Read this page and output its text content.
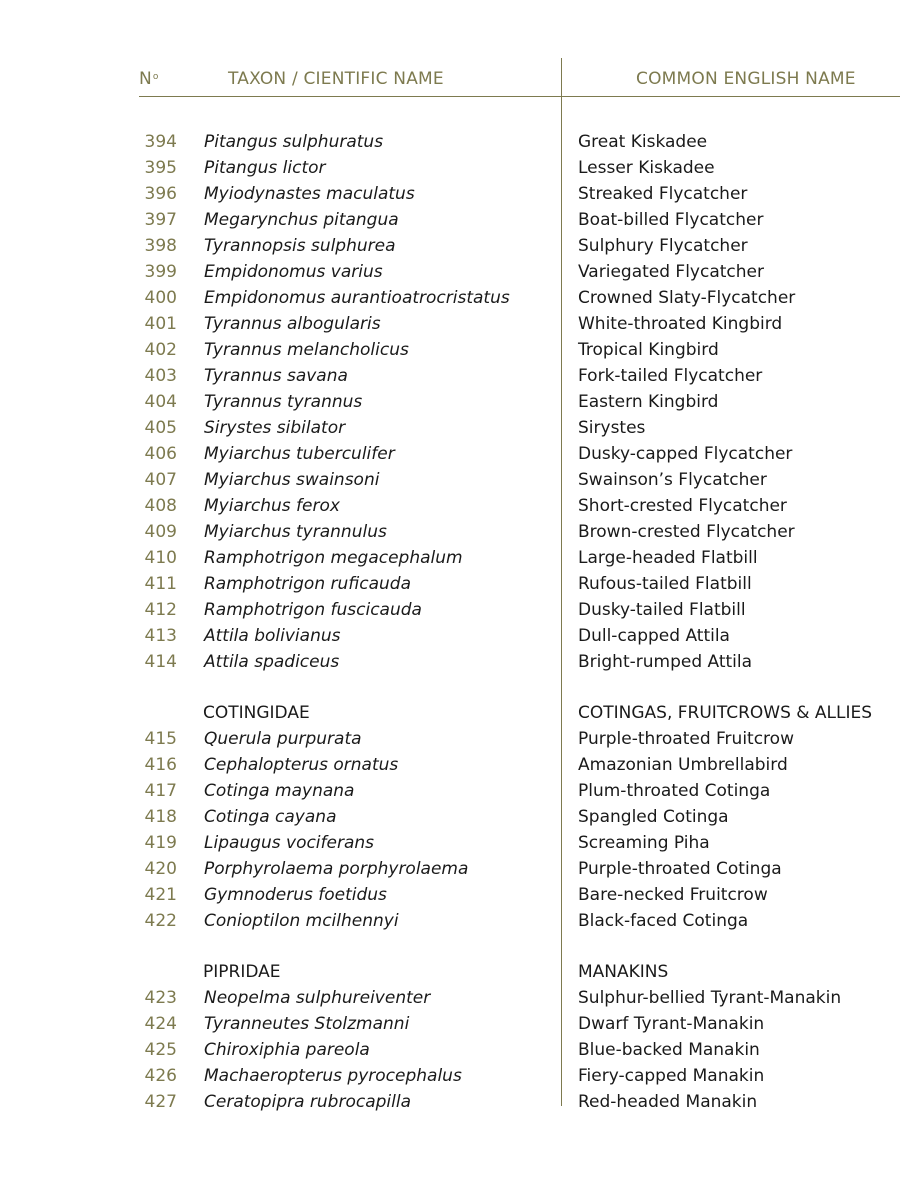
$N^o$	TAXON / CIENTIFIC NAME	COMMON ENGLISH NAME
394 Pitangus sulphuratus	Great Kiskadee
395 Pitangus lictor	Lesser Kiskadee
396 Myiodynastes maculatus	Streaked Flycatcher
397 Megarynchus pitangua	Boat-billed Flycatcher
398 Tyrannopsis sulphurea	Sulphury Flycatcher
399 Empidonomus varius	Variegated Flycatcher
400 Empidonomus aurantioatrocristatus	Crowned Slaty-Flycatcher
401 Tyrannus albogularis	White-throated Kingbird
402 Tyrannus melancholicus	Tropical Kingbird
403 Tyrannus savana	Fork-tailed Flycatcher
404 Tyrannus tyrannus	Eastern Kingbird
405 Sirystes sibilator	Sirystes
406 Myiarchus tuberculifer	Dusky-capped Flycatcher
407 Myiarchus swainsoni	Swainson’s Flycatcher
408 Myiarchus ferox	Short-crested Flycatcher
409 Myiarchus tyrannulus	Brown-crested Flycatcher
410 Ramphotrigon megacephalum	Large-headed Flatbill
411 Ramphotrigon ruficauda	Rufous-tailed Flatbill
412 Ramphotrigon fuscicauda	Dusky-tailed Flatbill
413 Attila bolivianus	Dull-capped Attila
414 Attila spadiceus	Bright-rumped Attila
COTINGIDAE	COTINGAS, FRUITCROWS & ALLIES
415 Querula purpurata	Purple-throated Fruitcrow
416 Cephalopterus ornatus	Amazonian Umbrellabird
417 Cotinga maynana	Plum-throated Cotinga
418 Cotinga cayana	Spangled Cotinga
419 Lipaugus vociferans	Screaming Piha
420 Porphyrolaema porphyrolaema	Purple-throated Cotinga
421 Gymnoderus foetidus	Bare-necked Fruitcrow
422 Conioptilon mcilhennyi	Black-faced Cotinga
PIPRIDAE	MANAKINS
423 Neopelma sulphureiventer	Sulphur-bellied Tyrant-Manakin
424 Tyranneutes Stolzmanni	Dwarf Tyrant-Manakin
425 Chiroxiphia pareola	Blue-backed Manakin
426 Machaeropterus pyrocephalus	Fiery-capped Manakin
427 Ceratopipra rubrocapilla	Red-headed Manakin
